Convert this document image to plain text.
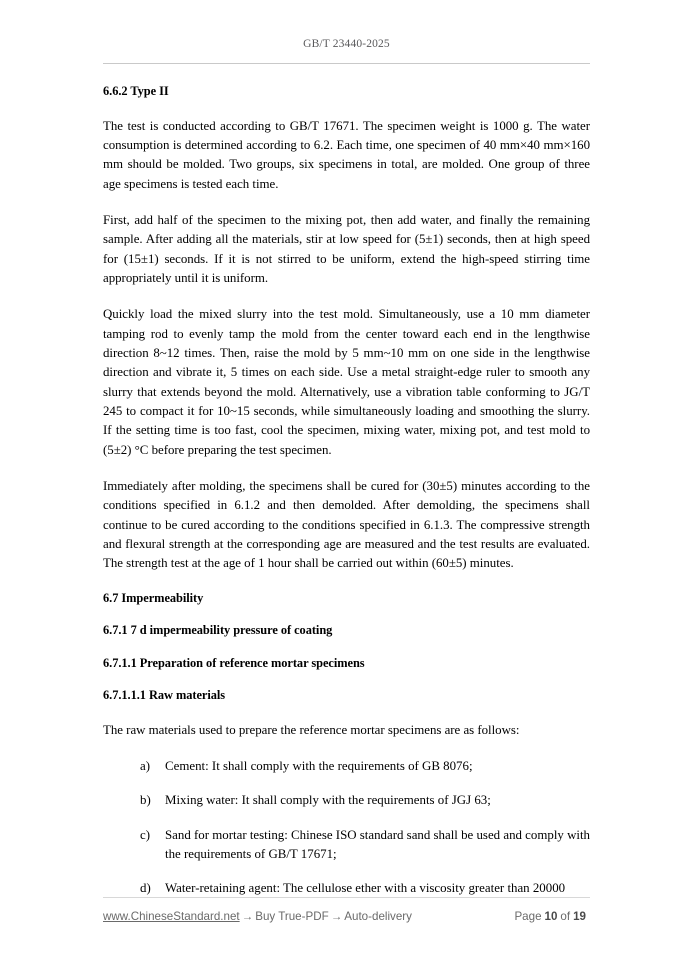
GB/T 23440-2025
6.6.2 Type II

The test is conducted according to GB/T 17671. The specimen weight is 1000 g. The water consumption is determined according to 6.2. Each time, one specimen of 40 mm×40 mm×160 mm should be molded. Two groups, six specimens in total, are molded. One group of three age specimens is tested each time.

First, add half of the specimen to the mixing pot, then add water, and finally the remaining sample. After adding all the materials, stir at low speed for (5±1) seconds, then at high speed for (15±1) seconds. If it is not stirred to be uniform, extend the high-speed stirring time appropriately until it is uniform.

Quickly load the mixed slurry into the test mold. Simultaneously, use a 10 mm diameter tamping rod to evenly tamp the mold from the center toward each end in the lengthwise direction 8~12 times. Then, raise the mold by 5 mm~10 mm on one side in the lengthwise direction and vibrate it, 5 times on each side. Use a metal straight-edge ruler to smooth any slurry that extends beyond the mold. Alternatively, use a vibration table conforming to JG/T 245 to compact it for 10~15 seconds, while simultaneously loading and smoothing the slurry. If the setting time is too fast, cool the specimen, mixing water, mixing pot, and test mold to (5±2) °C before preparing the test specimen.

Immediately after molding, the specimens shall be cured for (30±5) minutes according to the conditions specified in 6.1.2 and then demolded. After demolding, the specimens shall continue to be cured according to the conditions specified in 6.1.3. The compressive strength and flexural strength at the corresponding age are measured and the test results are evaluated. The strength test at the age of 1 hour shall be carried out within (60±5) minutes.

6.7 Impermeability
6.7.1 7 d impermeability pressure of coating
6.7.1.1 Preparation of reference mortar specimens
6.7.1.1.1 Raw materials

The raw materials used to prepare the reference mortar specimens are as follows:

a)	Cement: It shall comply with the requirements of GB 8076;
b)	Mixing water: It shall comply with the requirements of JGJ 63;
c)	Sand for mortar testing: Chinese ISO standard sand shall be used and comply with the requirements of GB/T 17671;
d)	Water-retaining agent: The cellulose ether with a viscosity greater than 20000
www.ChineseStandard.net → Buy True-PDF → Auto-delivery	Page 10 of 19
